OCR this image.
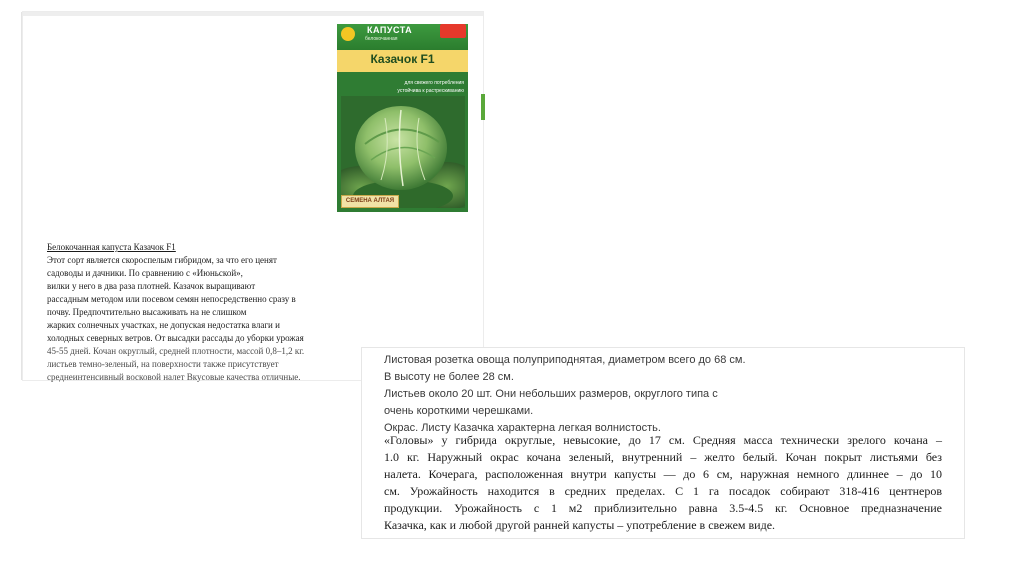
КАПУСТА
белокочанная
Казачок F1
для свежего потребления
устойчива к растрескиванию
СЕМЕНА АЛТАЯ
Белокочанная капуста Казачок F1
Этот сорт является скороспелым гибридом, за что его ценят
садоводы и дачники. По сравнению с «Июньской»,
вилки у него в два раза плотней. Казачок выращивают
рассадным методом или посевом семян непосредственно сразу в
почву. Предпочтительно высаживать на не слишком
жарких солнечных участках, не допуская недостатка влаги и
холодных северных ветров. От высадки рассады до уборки урожая
45-55 дней. Кочан округлый, средней плотности, массой 0,8–1,2 кг.
листьев темно-зеленый, на поверхности также присутствует
среднеинтенсивный восковой налет Вкусовые качества отличные.
Листовая розетка овоща полуприподнятая, диаметром всего до 68 см.
В высоту не более 28 см.
Листьев около 20 шт. Они небольших размеров, округлого типа с
очень короткими черешками.
Окрас. Листу Казачка характерна легкая волнистость.
«Головы» у гибрида округлые, невысокие, до 17 см. Средняя масса технически зрелого кочана –
1.0 кг. Наружный окрас кочана зеленый, внутренний – желто белый. Кочан покрыт листьями без
налета. Кочерага, расположенная внутри капусты — до 6 см, наружная немного длиннее – до 10
см. Урожайность находится в средних пределах. С 1 га посадок собирают 318-416 центнеров
продукции. Урожайность с 1 м2 приблизительно равна 3.5-4.5 кг. Основное предназначение
Казачка, как и любой другой ранней капусты – употребление в свежем виде.
